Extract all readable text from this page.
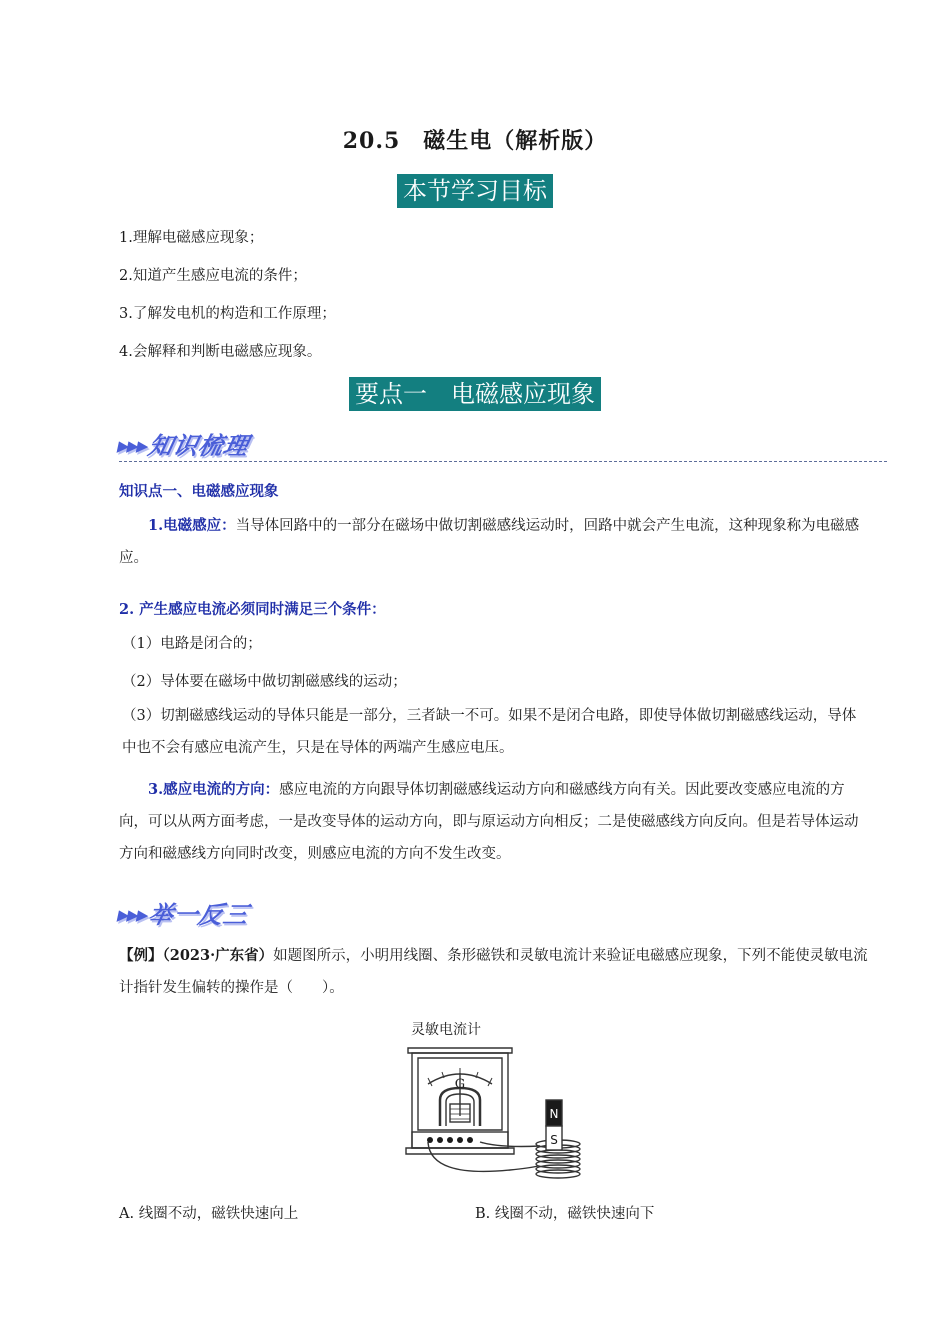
20.5　磁生电（解析版）
本节学习目标
1.理解电磁感应现象；
2.知道产生感应电流的条件；
3.了解发电机的构造和工作原理；
4.会解释和判断电磁感应现象。
要点一　电磁感应现象
▶▶▶知识梳理
知识点一、电磁感应现象

1.电磁感应：当导体回路中的一部分在磁场中做切割磁感线运动时，回路中就会产生电流，这种现象称为电磁感应。

2. 产生感应电流必须同时满足三个条件：
（1）电路是闭合的；
（2）导体要在磁场中做切割磁感线的运动；

（3）切割磁感线运动的导体只能是一部分，三者缺一不可。如果不是闭合电路，即使导体做切割磁感线运动，导体中也不会有感应电流产生，只是在导体的两端产生感应电压。

3.感应电流的方向：感应电流的方向跟导体切割磁感线运动方向和磁感线方向有关。因此要改变感应电流的方向，可以从两方面考虑，一是改变导体的运动方向，即与原运动方向相反；二是使磁感线方向反向。但是若导体运动方向和磁感线方向同时改变，则感应电流的方向不发生改变。

▶▶▶举一反三

【例】（2023·广东省）如题图所示，小明用线圈、条形磁铁和灵敏电流计来验证电磁感应现象，下列不能使灵敏电流计指针发生偏转的操作是（　　）。

灵敏电流计
G
N
S
A. 线圈不动，磁铁快速向上	B. 线圈不动，磁铁快速向下
